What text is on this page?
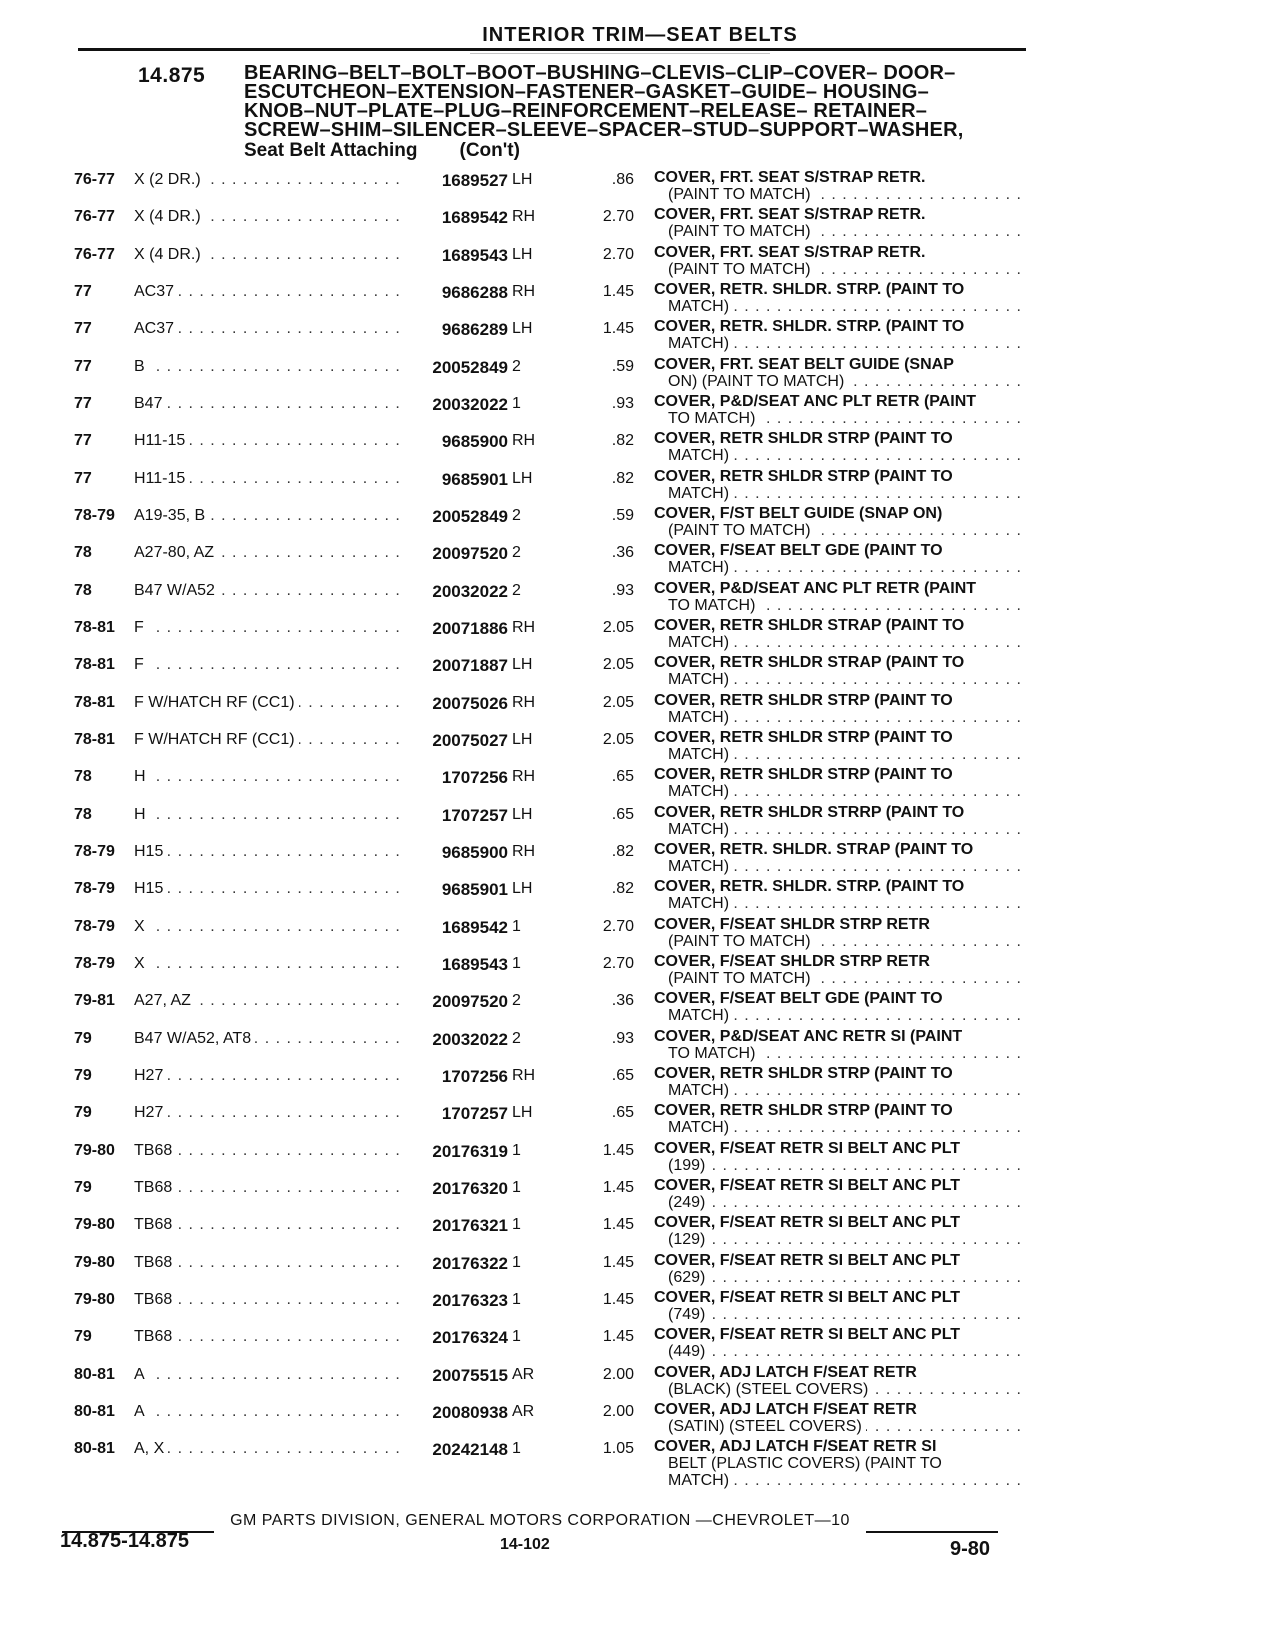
INTERIOR TRIM—SEAT BELTS
14.875 BEARING–BELT–BOLT–BOOT–BUSHING–CLEVIS–CLIP–COVER– DOOR–
ESCUTCHEON–EXTENSION–FASTENER–GASKET–GUIDE– HOUSING–
KNOB–NUT–PLATE–PLUG–REINFORCEMENT–RELEASE– RETAINER–
SCREW–SHIM–SILENCER–SLEEVE–SPACER–STUD–SUPPORT–WASHER,
Seat Belt Attaching (Con't)
76-77	X (2 DR.) . . .	1689527 LH	.86 COVER, FRT. SEAT S/STRAP RETR.
(PAINT TO MATCH) . . .
76-77	X (4 DR.) . . .	1689542 RH	2.70 COVER, FRT. SEAT S/STRAP RETR.
(PAINT TO MATCH) . . .
76-77	X (4 DR.) . . .	1689543 LH	2.70 COVER, FRT. SEAT S/STRAP RETR.
(PAINT TO MATCH) . . .
77	AC37 . . .	9686288 RH	1.45 COVER, RETR. SHLDR. STRP. (PAINT TO
MATCH) . . .
77	AC37 . . .	9686289 LH	1.45 COVER, RETR. SHLDR. STRP. (PAINT TO
MATCH) . . .
77	B . . .	20052849 2	.59 COVER, FRT. SEAT BELT GUIDE (SNAP
ON) (PAINT TO MATCH) . . .
77	B47 . . .	20032022 1	.93 COVER, P&D/SEAT ANC PLT RETR (PAINT
TO MATCH) . . .
77	H11-15 . . .	9685900 RH	.82 COVER, RETR SHLDR STRP (PAINT TO
MATCH) . . .
77	H11-15 . . .	9685901 LH	.82 COVER, RETR SHLDR STRP (PAINT TO
MATCH) . . .
78-79	A19-35, B . . .	20052849 2	.59 COVER, F/ST BELT GUIDE (SNAP ON)
(PAINT TO MATCH) . . .
78	A27-80, AZ . . .	20097520 2	.36 COVER, F/SEAT BELT GDE (PAINT TO
MATCH) . . .
78	B47 W/A52 . . .	20032022 2	.93 COVER, P&D/SEAT ANC PLT RETR (PAINT
TO MATCH) . . .
78-81	F . . .	20071886 RH	2.05 COVER, RETR SHLDR STRAP (PAINT TO
MATCH) . . .
78-81	F . . .	20071887 LH	2.05 COVER, RETR SHLDR STRAP (PAINT TO
MATCH) . . .
78-81	F W/HATCH RF (CC1) . . .	20075026 RH	2.05 COVER, RETR SHLDR STRP (PAINT TO
MATCH) . . .
78-81	F W/HATCH RF (CC1) . . .	20075027 LH	2.05 COVER, RETR SHLDR STRP (PAINT TO
MATCH) . . .
78	H . . .	1707256 RH	.65 COVER, RETR SHLDR STRP (PAINT TO
MATCH) . . .
78	H . . .	1707257 LH	.65 COVER, RETR SHLDR STRRP (PAINT TO
MATCH) . . .
78-79	H15 . . .	9685900 RH	.82 COVER, RETR. SHLDR. STRAP (PAINT TO
MATCH) . . .
78-79	H15 . . .	9685901 LH	.82 COVER, RETR. SHLDR. STRP. (PAINT TO
MATCH) . . .
78-79	X . . .	1689542 1	2.70 COVER, F/SEAT SHLDR STRP RETR
(PAINT TO MATCH) . . .
78-79	X . . .	1689543 1	2.70 COVER, F/SEAT SHLDR STRP RETR
(PAINT TO MATCH) . . .
79-81	A27, AZ . . .	20097520 2	.36 COVER, F/SEAT BELT GDE (PAINT TO
MATCH) . . .
79	B47 W/A52, AT8 . . .	20032022 2	.93 COVER, P&D/SEAT ANC RETR SI (PAINT
TO MATCH) . . .
79	H27 . . .	1707256 RH	.65 COVER, RETR SHLDR STRP (PAINT TO
MATCH) . . .
79	H27 . . .	1707257 LH	.65 COVER, RETR SHLDR STRP (PAINT TO
MATCH) . . .
79-80	TB68 . . .	20176319 1	1.45 COVER, F/SEAT RETR SI BELT ANC PLT
(199) . . .
79	TB68 . . .	20176320 1	1.45 COVER, F/SEAT RETR SI BELT ANC PLT
(249) . . .
79-80	TB68 . . .	20176321 1	1.45 COVER, F/SEAT RETR SI BELT ANC PLT
(129) . . .
79-80	TB68 . . .	20176322 1	1.45 COVER, F/SEAT RETR SI BELT ANC PLT
(629) . . .
79-80	TB68 . . .	20176323 1	1.45 COVER, F/SEAT RETR SI BELT ANC PLT
(749) . . .
79	TB68 . . .	20176324 1	1.45 COVER, F/SEAT RETR SI BELT ANC PLT
(449) . . .
80-81	A . . .	20075515 AR	2.00 COVER, ADJ LATCH F/SEAT RETR
(BLACK) (STEEL COVERS) . . .
80-81	A . . .	20080938 AR	2.00 COVER, ADJ LATCH F/SEAT RETR
(SATIN) (STEEL COVERS) . . .
80-81	A, X . . .	20242148 1	1.05 COVER, ADJ LATCH F/SEAT RETR SI
BELT (PLASTIC COVERS) (PAINT TO
MATCH) . . .
GM PARTS DIVISION, GENERAL MOTORS CORPORATION —CHEVROLET—10
14.875-14.875	14-102	9-80
